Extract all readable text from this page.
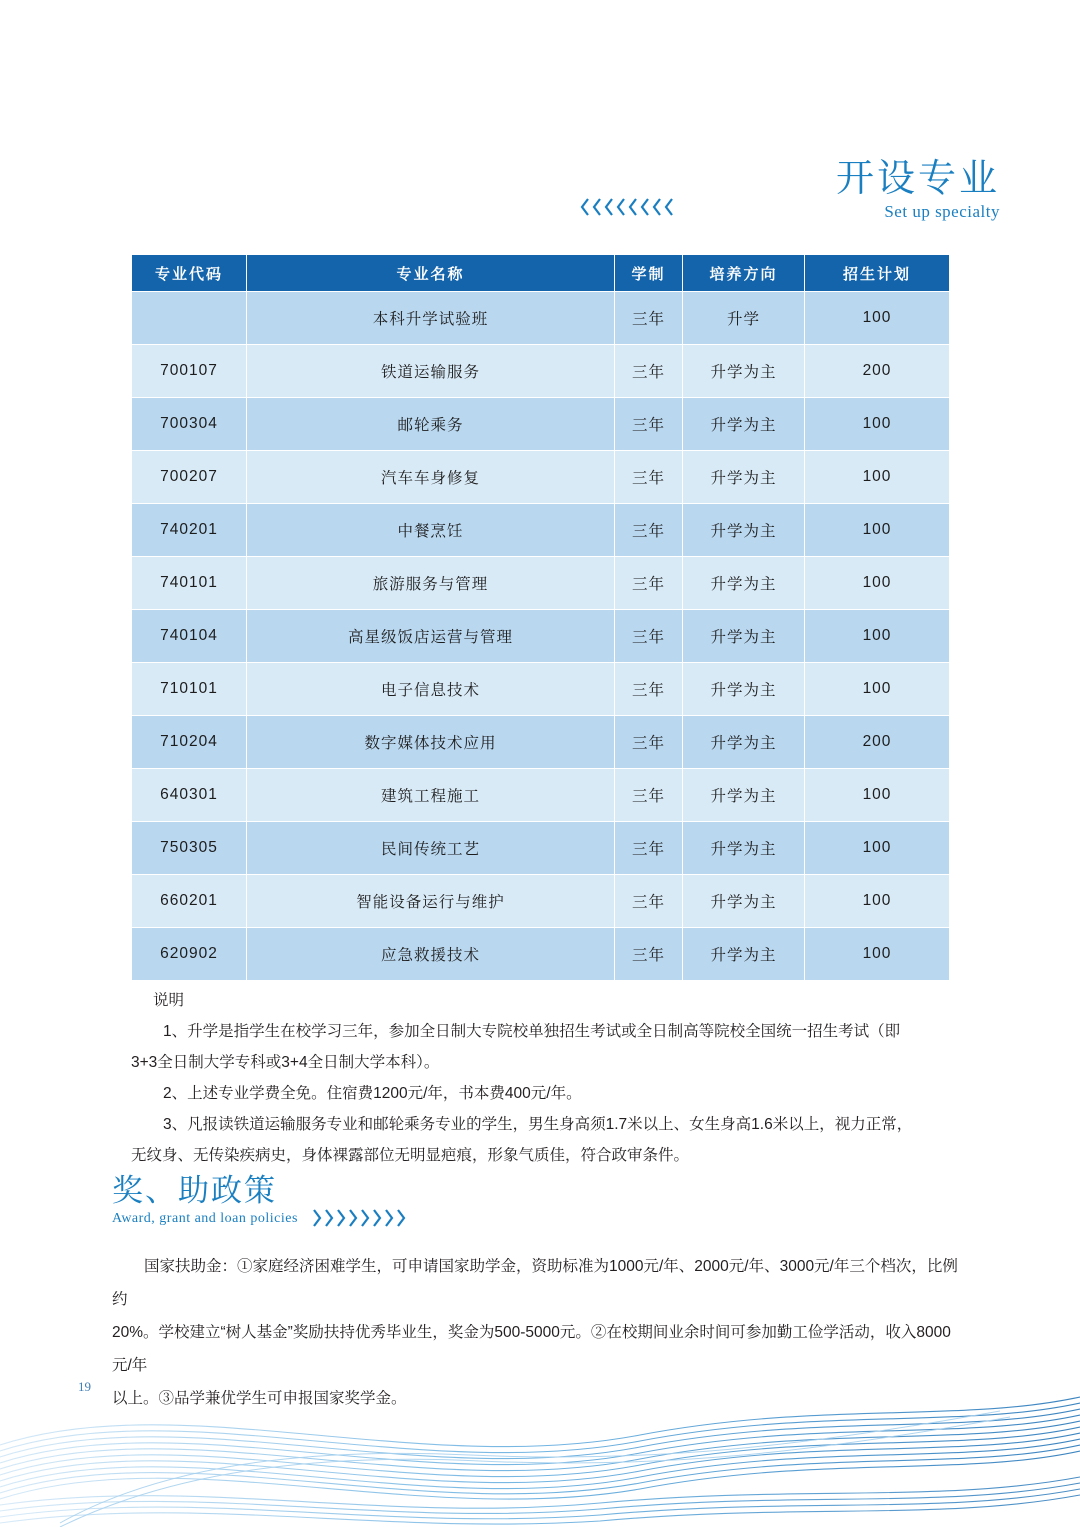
开设专业
Set up specialty
专业代码	专业名称	学制	培养方向	招生计划
	本科升学试验班	三年	升学	100
700107	铁道运输服务	三年	升学为主	200
700304	邮轮乘务	三年	升学为主	100
700207	汽车车身修复	三年	升学为主	100
740201	中餐烹饪	三年	升学为主	100
740101	旅游服务与管理	三年	升学为主	100
740104	高星级饭店运营与管理	三年	升学为主	100
710101	电子信息技术	三年	升学为主	100
710204	数字媒体技术应用	三年	升学为主	200
640301	建筑工程施工	三年	升学为主	100
750305	民间传统工艺	三年	升学为主	100
660201	智能设备运行与维护	三年	升学为主	100
620902	应急救援技术	三年	升学为主	100

说明

1、升学是指学生在校学习三年，参加全日制大专院校单独招生考试或全日制高等院校全国统一招生考试（即

3+3全日制大学专科或3+4全日制大学本科）。

2、上述专业学费全免。住宿费1200元/年，书本费400元/年。

3、凡报读铁道运输服务专业和邮轮乘务专业的学生，男生身高须1.7米以上、女生身高1.6米以上，视力正常，

无纹身、无传染疾病史，身体裸露部位无明显疤痕，形象气质佳，符合政审条件。

奖、助政策
Award, grant and loan policies

国家扶助金：①家庭经济困难学生，可申请国家助学金，资助标准为1000元/年、2000元/年、3000元/年三个档次，比例约

20%。学校建立“树人基金”奖励扶持优秀毕业生，奖金为500-5000元。②在校期间业余时间可参加勤工俭学活动，收入8000元/年

以上。③品学兼优学生可申报国家奖学金。

19
